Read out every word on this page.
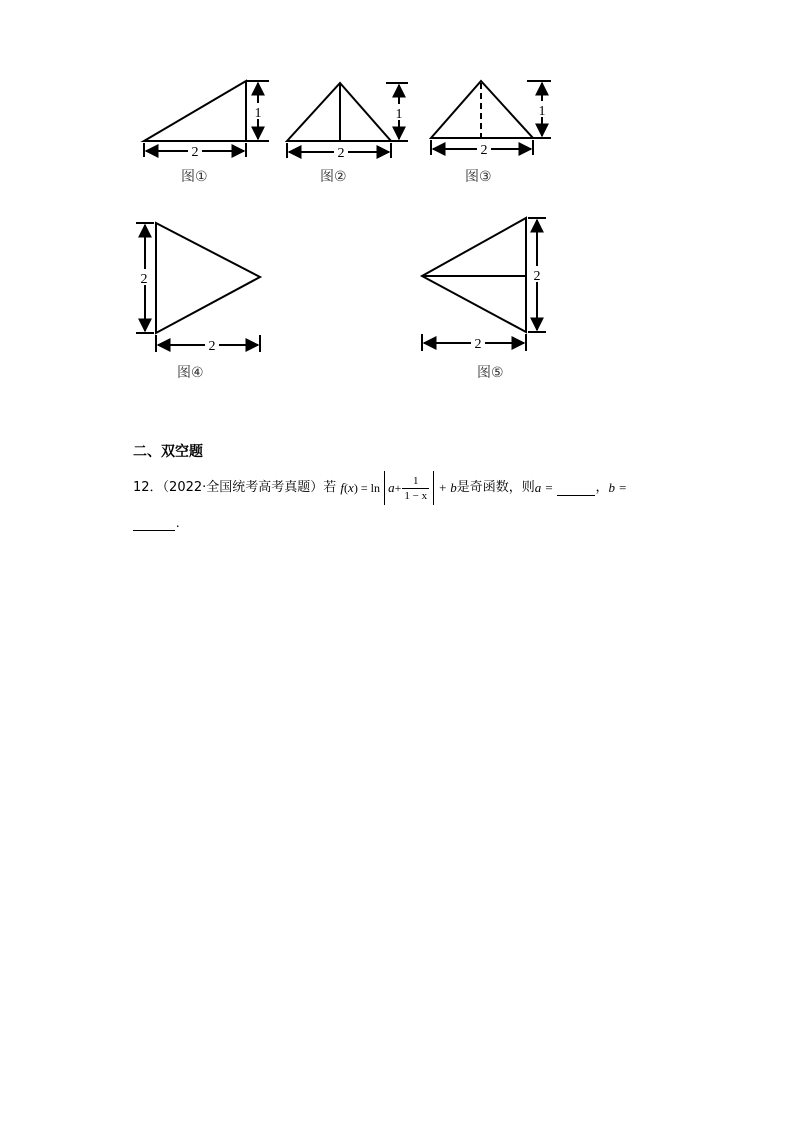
1
2
图①
1
2
图②
1
2
图③
2
2
图④
2
2
图⑤
二、双空题
12．（2022·全国统考高考真题）若 $f(x) = \ln a+ \frac{1}{1 - x} + b$是奇函数，则a =	，b =
.
